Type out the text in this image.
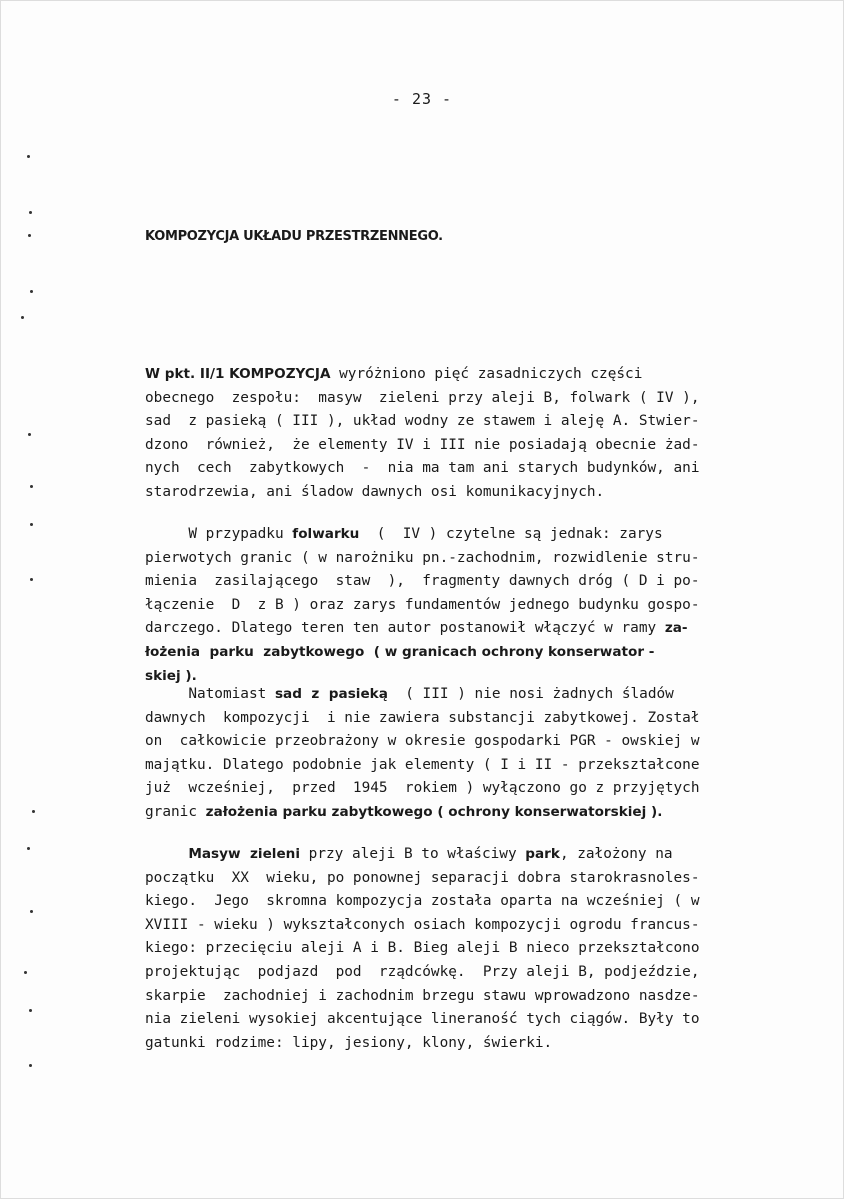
- 23 -
KOMPOZYCJA UKŁADU PRZESTRZENNEGO.
W pkt. II/1 KOMPOZYCJA wyróżniono pięć zasadniczych części
obecnego  zespołu:  masyw  zieleni przy aleji B, folwark ( IV ),
sad  z pasieką ( III ), układ wodny ze stawem i aleję A. Stwier-
dzono  również,  że elementy IV i III nie posiadają obecnie żad-
nych  cech  zabytkowych  -  nia ma tam ani starych budynków, ani
starodrzewia, ani śladow dawnych osi komunikacyjnych.
W przypadku folwarku  (  IV ) czytelne są jednak: zarys
pierwotych granic ( w narożniku pn.-zachodnim, rozwidlenie stru-
mienia  zasilającego  staw  ),  fragmenty dawnych dróg ( D i po-
łączenie  D  z B ) oraz zarys fundamentów jednego budynku gospo-
darczego. Dlatego teren ten autor postanowił włączyć w ramy za-
łożenia  parku  zabytkowego  ( w granicach ochrony konserwator -
skiej ).
Natomiast sad  z  pasieką  ( III ) nie nosi żadnych śladów
dawnych  kompozycji  i nie zawiera substancji zabytkowej. Został
on  całkowicie przeobrażony w okresie gospodarki PGR - owskiej w
majątku. Dlatego podobnie jak elementy ( I i II - przekształcone
już  wcześniej,  przed  1945  rokiem ) wyłączono go z przyjętych
granic założenia parku zabytkowego ( ochrony konserwatorskiej ).
Masyw  zieleni przy aleji B to właściwy park, założony na
początku  XX  wieku, po ponownej separacji dobra starokrasnoles-
kiego.  Jego  skromna kompozycja została oparta na wcześniej ( w
XVIII - wieku ) wykształconych osiach kompozycji ogrodu francus-
kiego: przecięciu aleji A i B. Bieg aleji B nieco przekształcono
projektując  podjazd  pod  rządcówkę.  Przy aleji B, podjeździe,
skarpie  zachodniej i zachodnim brzegu stawu wprowadzono nasdze-
nia zieleni wysokiej akcentujące lineraność tych ciągów. Były to
gatunki rodzime: lipy, jesiony, klony, świerki.
